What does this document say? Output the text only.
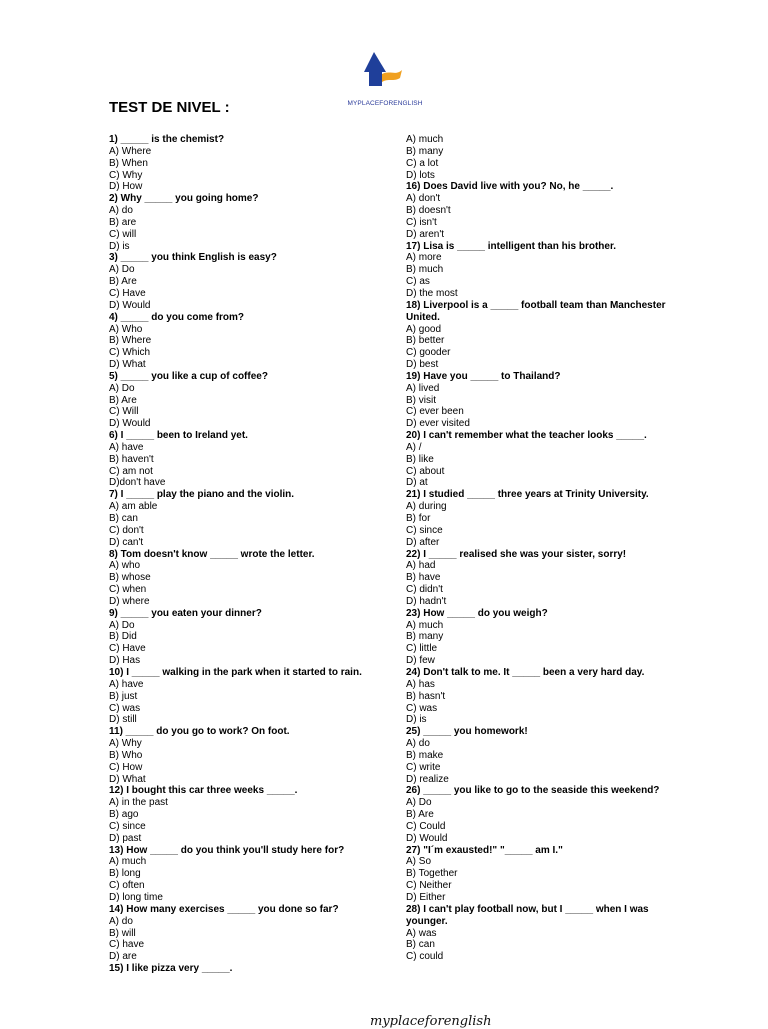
MYPLACEFORENGLISH
TEST DE NIVEL :
1) _____ is the chemist?
A) Where
B) When
C) Why
D) How
2) Why _____ you going home?
A) do
B) are
C) will
D) is
3) _____ you think English is easy?
A) Do
B) Are
C) Have
D) Would
4) _____ do you come from?
A) Who
B) Where
C) Which
D) What
5) _____ you like a cup of coffee?
A) Do
B) Are
C) Will
D) Would
6) I _____ been to Ireland yet.
A) have
B) haven't
C) am not
D)don't have
7) I _____ play the piano and the violin.
A) am able
B) can
C) don't
D) can't
8) Tom doesn't know _____ wrote the letter.
A) who
B) whose
C) when
D) where
9) _____ you eaten your dinner?
A) Do
B) Did
C) Have
D) Has
10) I _____ walking in the park when it started to rain.
A) have
B) just
C) was
D) still
11) _____ do you go to work? On foot.
A) Why
B) Who
C) How
D) What
12) I bought this car three weeks _____.
A) in the past
B) ago
C) since
D) past
13) How _____ do you think you'll study here for?
A) much
B) long
C) often
D) long time
14) How many exercises _____ you done so far?
A) do
B) will
C) have
D) are
15) I like pizza very _____.
A) much
B) many
C) a lot
D) lots
16) Does David live with you? No, he _____.
A) don't
B) doesn't
C) isn't
D) aren't
17) Lisa is _____ intelligent than his brother.
A) more
B) much
C) as
D) the most
18) Liverpool is a _____ football team than Manchester United.
A) good
B) better
C) gooder
D) best
19) Have you _____ to Thailand?
A) lived
B) visit
C) ever been
D) ever visited
20) I can't remember what the teacher looks _____.
A) /
B) like
C) about
D) at
21) I studied _____ three years at Trinity University.
A) during
B) for
C) since
D) after
22) I _____ realised she was your sister, sorry!
A) had
B) have
C) didn't
D) hadn't
23) How _____ do you weigh?
A) much
B) many
C) little
D) few
24) Don't talk to me. It _____ been a very hard day.
A) has
B) hasn't
C) was
D) is
25) _____ you homework!
A) do
B) make
C) write
D) realize
26) _____ you like to go to the seaside this weekend?
A) Do
B) Are
C) Could
D) Would
27) "I´m exausted!" "_____ am I."
A) So
B) Together
C) Neither
D) Either
28) I can't play football now, but I _____ when I was younger.
A) was
B) can
C) could
myplaceforenglish
